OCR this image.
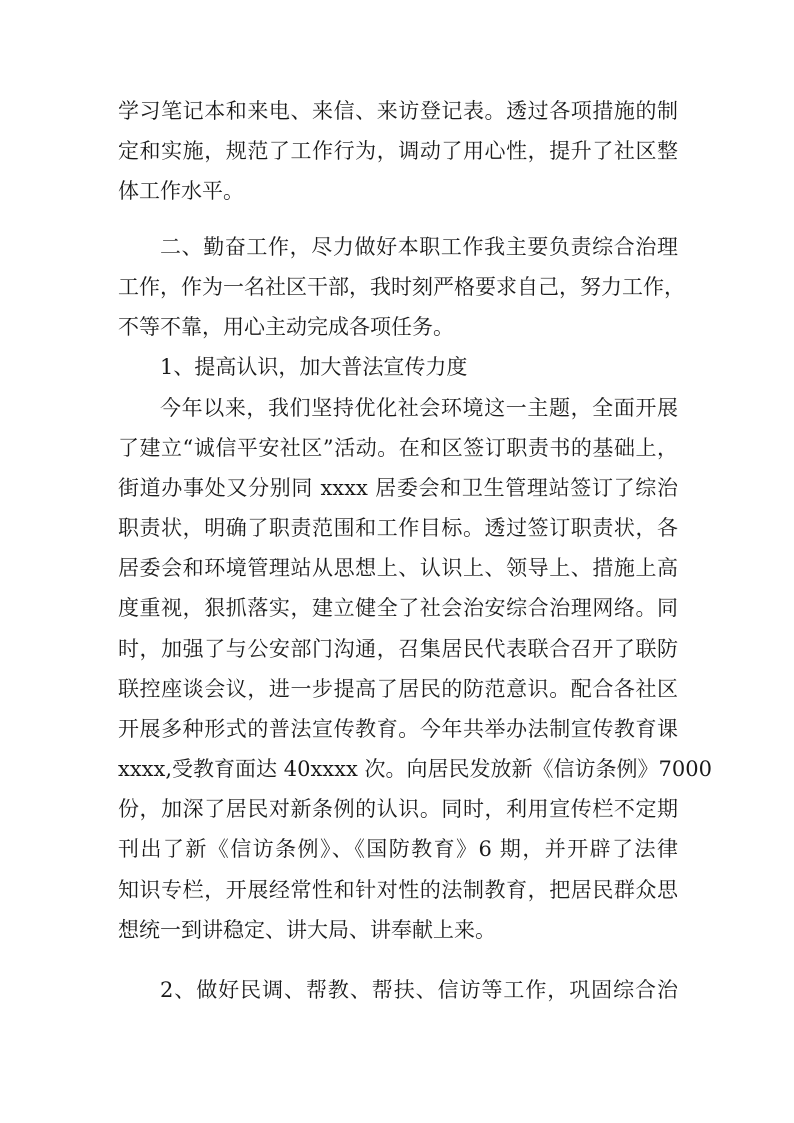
学习笔记本和来电、来信、来访登记表。透过各项措施的制
定和实施，规范了工作行为，调动了用心性，提升了社区整
体工作水平。
二、勤奋工作，尽力做好本职工作我主要负责综合治理
工作，作为一名社区干部，我时刻严格要求自己，努力工作，
不等不靠，用心主动完成各项任务。
1、提高认识，加大普法宣传力度
今年以来，我们坚持优化社会环境这一主题，全面开展
了建立“诚信平安社区”活动。在和区签订职责书的基础上，
街道办事处又分别同 xxxx 居委会和卫生管理站签订了综治
职责状，明确了职责范围和工作目标。透过签订职责状，各
居委会和环境管理站从思想上、认识上、领导上、措施上高
度重视，狠抓落实，建立健全了社会治安综合治理网络。同
时，加强了与公安部门沟通，召集居民代表联合召开了联防
联控座谈会议，进一步提高了居民的防范意识。配合各社区
开展多种形式的普法宣传教育。今年共举办法制宣传教育课
xxxx,受教育面达 40xxxx 次。向居民发放新《信访条例》7000
份，加深了居民对新条例的认识。同时，利用宣传栏不定期
刊出了新《信访条例》、《国防教育》6 期，并开辟了法律
知识专栏，开展经常性和针对性的法制教育，把居民群众思
想统一到讲稳定、讲大局、讲奉献上来。
2、做好民调、帮教、帮扶、信访等工作，巩固综合治
